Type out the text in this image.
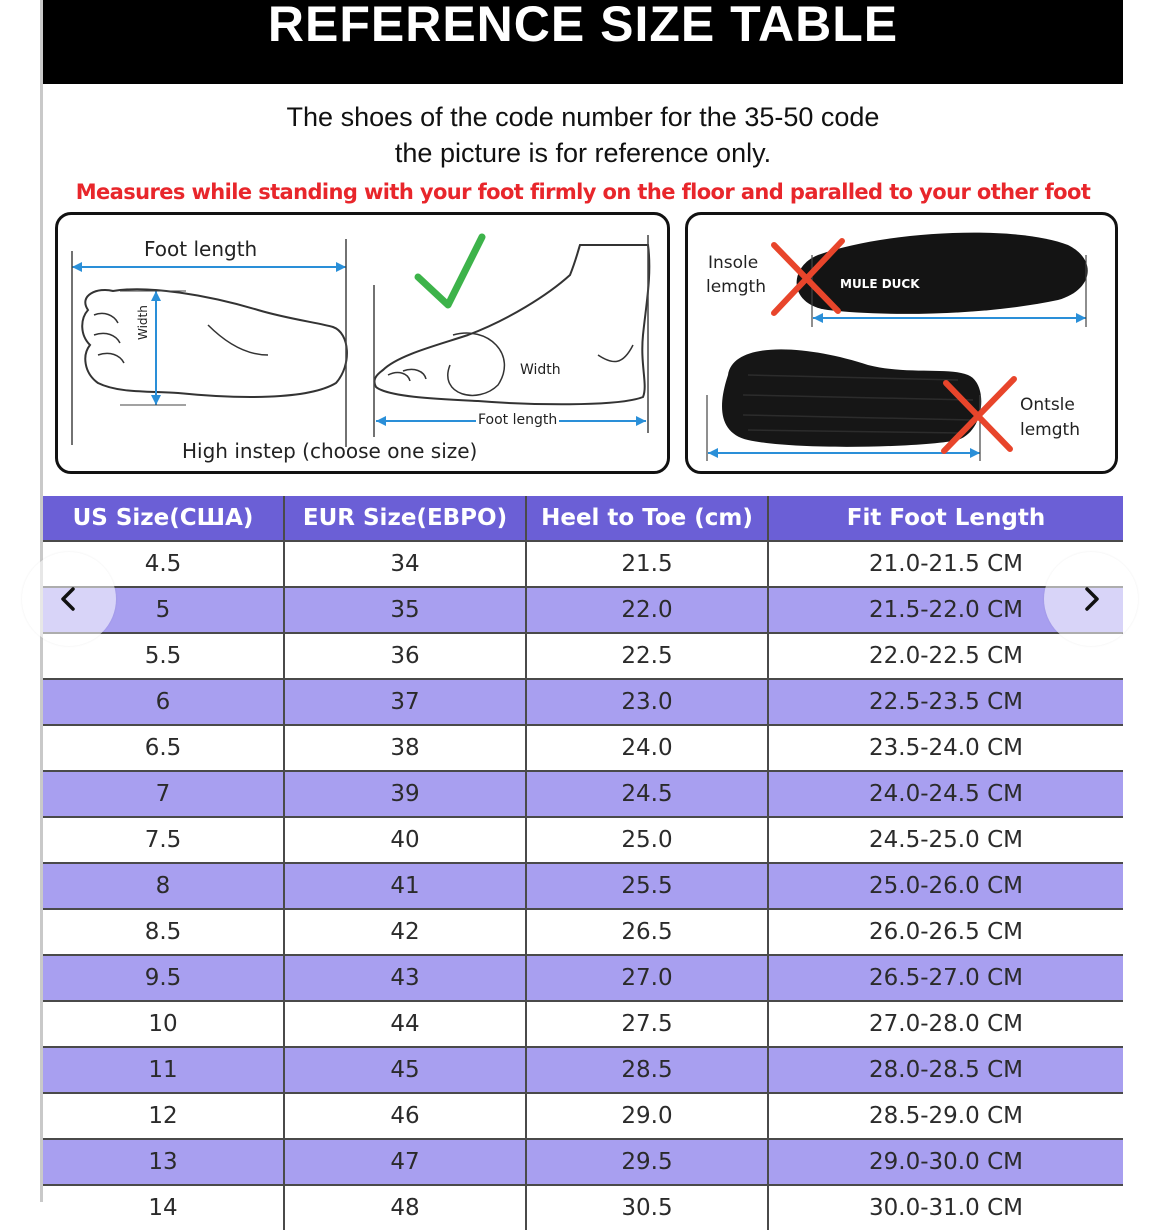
REFERENCE SIZE TABLE
The shoes of the code number for the 35-50 code
the picture is for reference only.
Measures while standing with your foot firmly on the floor and paralled to your other foot
Foot length
Width
Width
Foot length
High instep (choose one size)
Insole
lemgth	MULE DUCK
Ontsle
lemgth
US Size(США)	EUR Size(EBPO)	Heel to Toe (cm)	Fit Foot Length
4.5	34	21.5	21.0-21.5 CM
5	35	22.0	21.5-22.0 CM
5.5	36	22.5	22.0-22.5 CM
6	37	23.0	22.5-23.5 CM
6.5	38	24.0	23.5-24.0 CM
7	39	24.5	24.0-24.5 CM
7.5	40	25.0	24.5-25.0 CM
8	41	25.5	25.0-26.0 CM
8.5	42	26.5	26.0-26.5 CM
9.5	43	27.0	26.5-27.0 CM
10	44	27.5	27.0-28.0 CM
11	45	28.5	28.0-28.5 CM
12	46	29.0	28.5-29.0 CM
13	47	29.5	29.0-30.0 CM
14	48	30.5	30.0-31.0 CM
